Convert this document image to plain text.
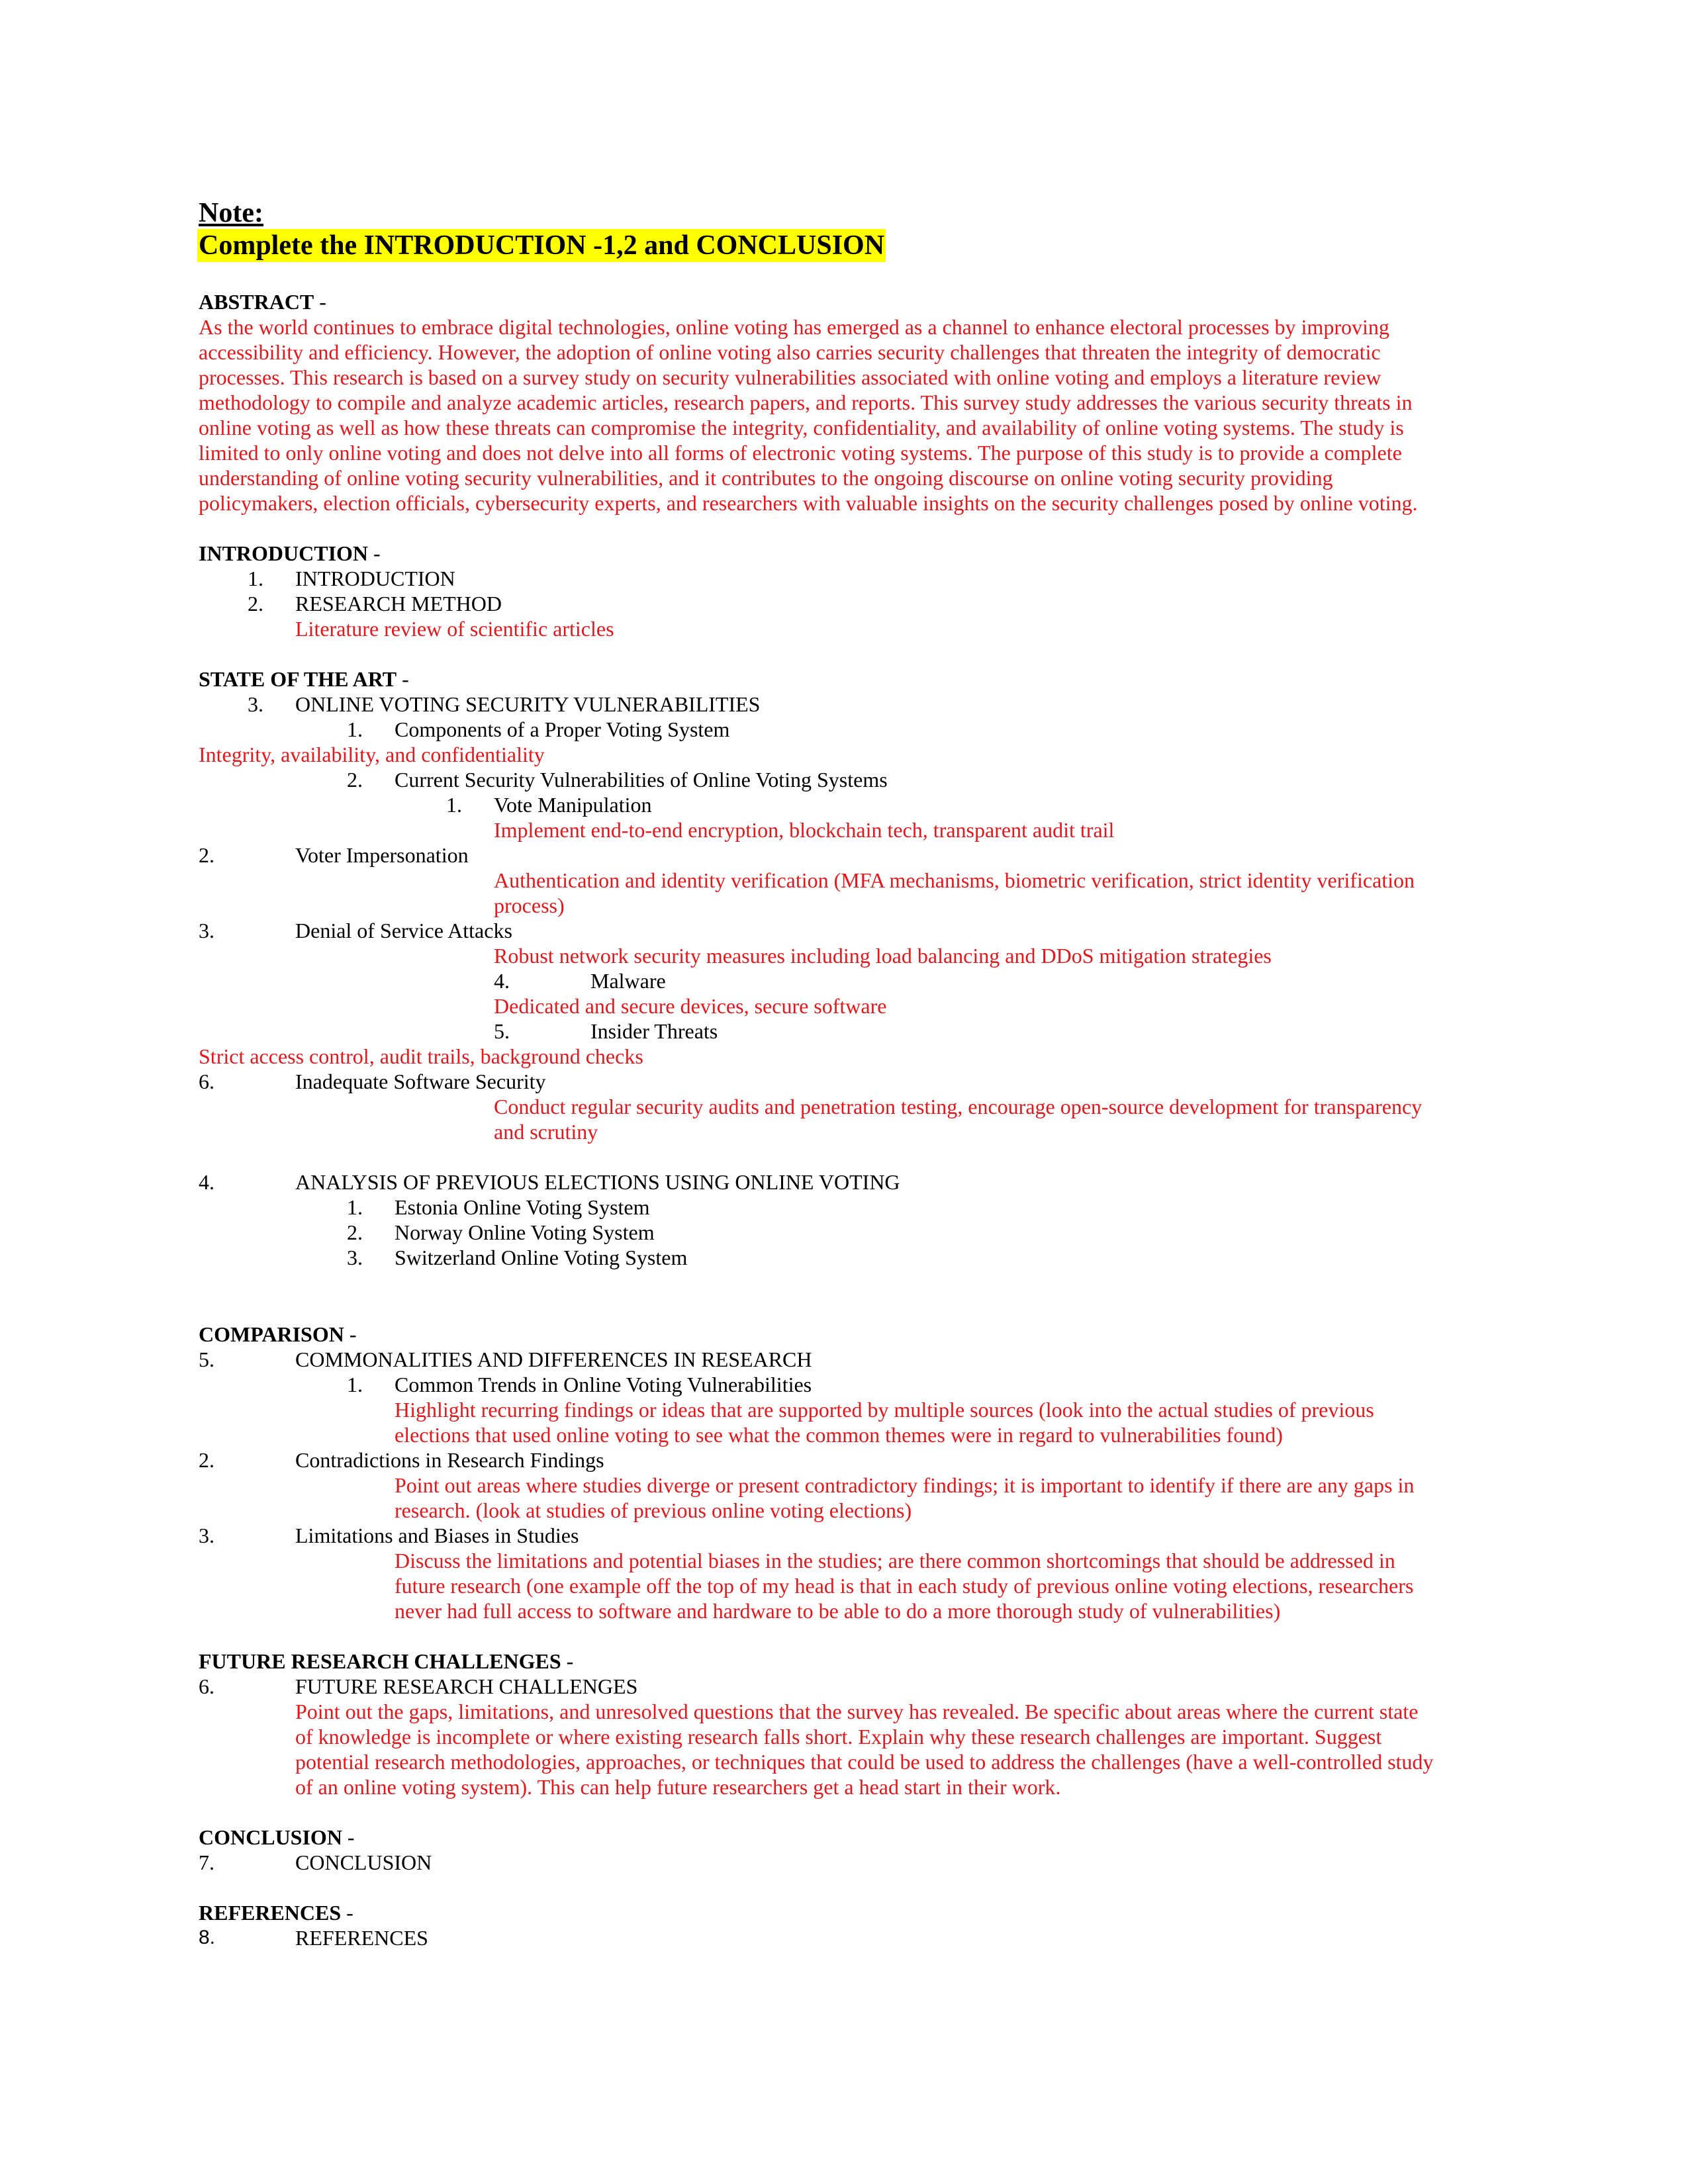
Note:
Complete the INTRODUCTION -1,2 and CONCLUSION
ABSTRACT -
As the world continues to embrace digital technologies, online voting has emerged as a channel to enhance electoral processes by improving
accessibility and efficiency. However, the adoption of online voting also carries security challenges that threaten the integrity of democratic
processes. This research is based on a survey study on security vulnerabilities associated with online voting and employs a literature review
methodology to compile and analyze academic articles, research papers, and reports. This survey study addresses the various security threats in
online voting as well as how these threats can compromise the integrity, confidentiality, and availability of online voting systems. The study is
limited to only online voting and does not delve into all forms of electronic voting systems. The purpose of this study is to provide a complete
understanding of online voting security vulnerabilities, and it contributes to the ongoing discourse on online voting security providing
policymakers, election officials, cybersecurity experts, and researchers with valuable insights on the security challenges posed by online voting.
INTRODUCTION -
1. INTRODUCTION
2. RESEARCH METHOD
Literature review of scientific articles
STATE OF THE ART -
3. ONLINE VOTING SECURITY VULNERABILITIES
1. Components of a Proper Voting System
Integrity, availability, and confidentiality
2. Current Security Vulnerabilities of Online Voting Systems
1. Vote Manipulation
Implement end-to-end encryption, blockchain tech, transparent audit trail
2.	Voter Impersonation
Authentication and identity verification (MFA mechanisms, biometric verification, strict identity verification
process)
3.	Denial of Service Attacks
Robust network security measures including load balancing and DDoS mitigation strategies
4.	Malware
Dedicated and secure devices, secure software
5.	Insider Threats
Strict access control, audit trails, background checks
6.	Inadequate Software Security
Conduct regular security audits and penetration testing, encourage open-source development for transparency
and scrutiny
4.	ANALYSIS OF PREVIOUS ELECTIONS USING ONLINE VOTING
1. Estonia Online Voting System
2. Norway Online Voting System
3. Switzerland Online Voting System
COMPARISON -
5.	COMMONALITIES AND DIFFERENCES IN RESEARCH
1. Common Trends in Online Voting Vulnerabilities
Highlight recurring findings or ideas that are supported by multiple sources (look into the actual studies of previous
elections that used online voting to see what the common themes were in regard to vulnerabilities found)
2.	Contradictions in Research Findings
Point out areas where studies diverge or present contradictory findings; it is important to identify if there are any gaps in
research. (look at studies of previous online voting elections)
3.	Limitations and Biases in Studies
Discuss the limitations and potential biases in the studies; are there common shortcomings that should be addressed in
future research (one example off the top of my head is that in each study of previous online voting elections, researchers
never had full access to software and hardware to be able to do a more thorough study of vulnerabilities)
FUTURE RESEARCH CHALLENGES -
6.	FUTURE RESEARCH CHALLENGES
Point out the gaps, limitations, and unresolved questions that the survey has revealed. Be specific about areas where the current state
of knowledge is incomplete or where existing research falls short. Explain why these research challenges are important. Suggest
potential research methodologies, approaches, or techniques that could be used to address the challenges (have a well-controlled study
of an online voting system). This can help future researchers get a head start in their work.
CONCLUSION -
7.	CONCLUSION
REFERENCES -
8.	REFERENCES
